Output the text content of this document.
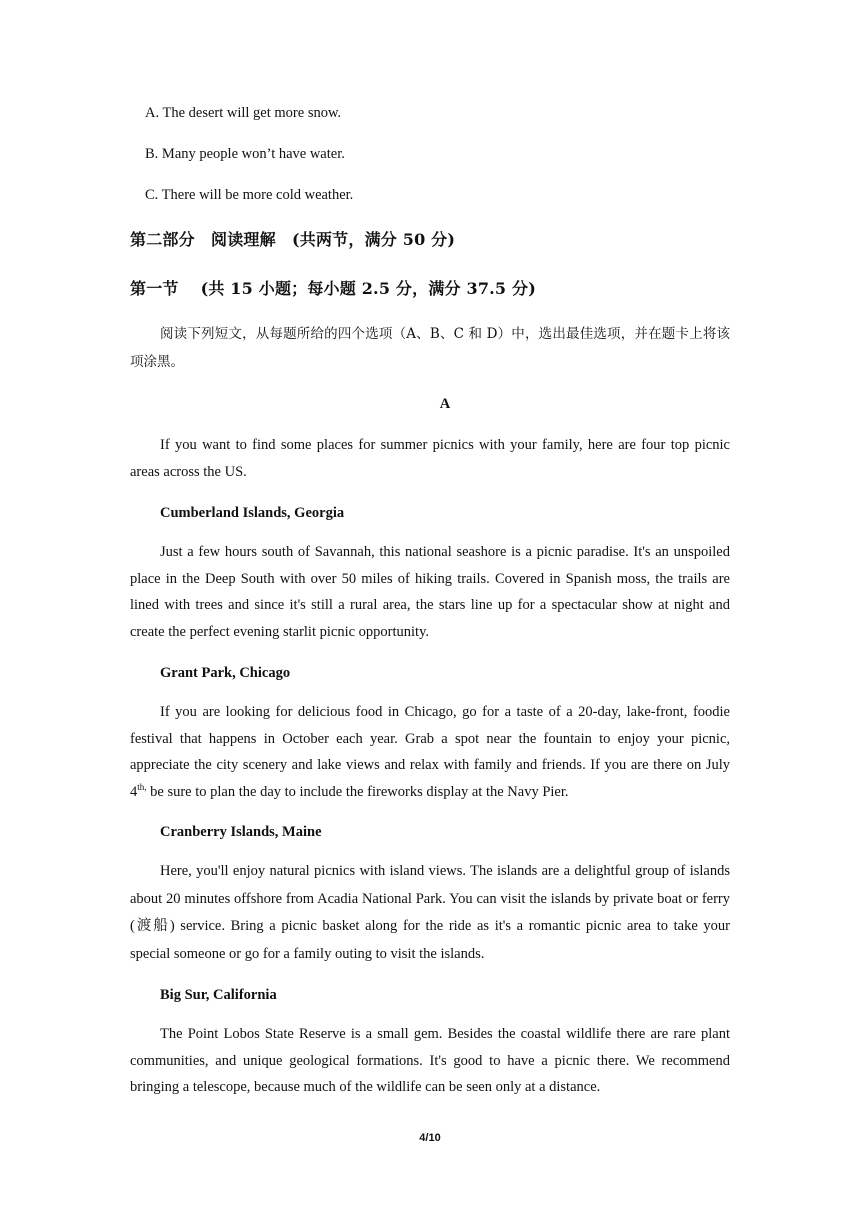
A. The desert will get more snow.
B. Many people won’t have water.
C. There will be more cold weather.
第二部分　阅读理解　(共两节，满分 50 分)
第一节　 (共 15 小题；每小题 2.5 分，满分 37.5 分)
阅读下列短文，从每题所给的四个选项（A、B、C 和 D）中，选出最佳选项，并在题卡上将该项涂黑。
A
If you want to find some places for summer picnics with your family, here are four top picnic areas across the US.
Cumberland Islands, Georgia
Just a few hours south of Savannah, this national seashore is a picnic paradise. It's an unspoiled place in the Deep South with over 50 miles of hiking trails. Covered in Spanish moss, the trails are lined with trees and since it's still a rural area, the stars line up for a spectacular show at night and create the perfect evening starlit picnic opportunity.
Grant Park, Chicago
If you are looking for delicious food in Chicago, go for a taste of a 20-day, lake-front, foodie festival that happens in October each year. Grab a spot near the fountain to enjoy your picnic, appreciate the city scenery and lake views and relax with family and friends. If you are there on July $4^{th,}$ be sure to plan the day to include the fireworks display at the Navy Pier.
Cranberry Islands, Maine
Here, you'll enjoy natural picnics with island views. The islands are a delightful group of islands about 20 minutes offshore from Acadia National Park. You can visit the islands by private boat or ferry (渡船) service. Bring a picnic basket along for the ride as it's a romantic picnic area to take your special someone or go for a family outing to visit the islands.
Big Sur, California
The Point Lobos State Reserve is a small gem. Besides the coastal wildlife there are rare plant communities, and unique geological formations. It's good to have a picnic there. We recommend bringing a telescope, because much of the wildlife can be seen only at a distance.
4/10
